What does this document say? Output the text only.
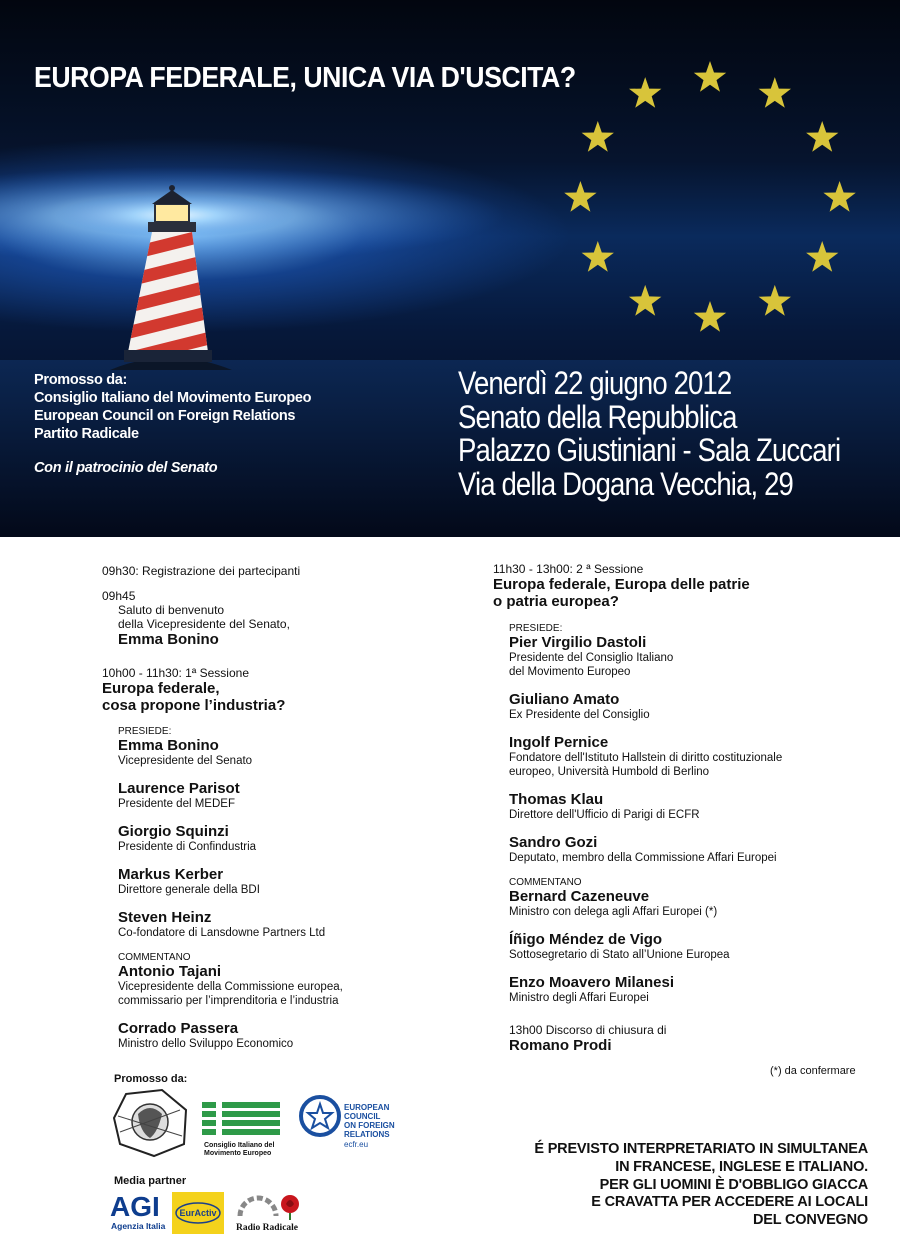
EUROPA FEDERALE, UNICA VIA D'USCITA?
Promosso da:
Consiglio Italiano del Movimento Europeo
European Council on Foreign Relations
Partito Radicale
Con il patrocinio del Senato
Venerdì 22 giugno 2012
Senato della Repubblica
Palazzo Giustiniani - Sala Zuccari
Via della Dogana Vecchia, 29
09h30: Registrazione dei partecipanti
09h45
Saluto di benvenuto
della Vicepresidente del Senato,
Emma Bonino
10h00 - 11h30: 1ª Sessione
Europa federale,
cosa propone l’industria?
PRESIEDE:
Emma Bonino
Vicepresidente del Senato
Laurence Parisot
Presidente del MEDEF
Giorgio Squinzi
Presidente di Confindustria
Markus Kerber
Direttore generale della BDI
Steven Heinz
Co-fondatore di Lansdowne Partners Ltd
COMMENTANO
Antonio Tajani
Vicepresidente della Commissione europea,
commissario per l’imprenditoria e l’industria
Corrado Passera
Ministro dello Sviluppo Economico
11h30 - 13h00: 2 ª Sessione
Europa federale, Europa delle patrie
o patria europea?
PRESIEDE:
Pier Virgilio Dastoli
Presidente del Consiglio Italiano
del Movimento Europeo
Giuliano Amato
Ex Presidente del Consiglio
Ingolf Pernice
Fondatore dell'Istituto Hallstein di diritto costituzionale
europeo, Università Humbold di Berlino
Thomas Klau
Direttore dell'Ufficio di Parigi di ECFR
Sandro Gozi
Deputato, membro della Commissione Affari Europei
COMMENTANO
Bernard Cazeneuve
Ministro con delega agli Affari Europei (*)
Íñigo Méndez de Vigo
Sottosegretario di Stato all’Unione Europea
Enzo Moavero Milanesi
Ministro degli Affari Europei
13h00 Discorso di chiusura di
Romano Prodi
(*) da confermare
Promosso da:
Consiglio Italiano del
Movimento Europeo
EUROPEAN
COUNCIL
ON FOREIGN
RELATIONS
ecfr.eu
Media partner
AGI
Agenzia Italia
EurActiv
Radio Radicale
É PREVISTO INTERPRETARIATO IN SIMULTANEA
IN FRANCESE, INGLESE E ITALIANO.
PER GLI UOMINI È D'OBBLIGO GIACCA
E CRAVATTA PER ACCEDERE AI LOCALI
DEL CONVEGNO
